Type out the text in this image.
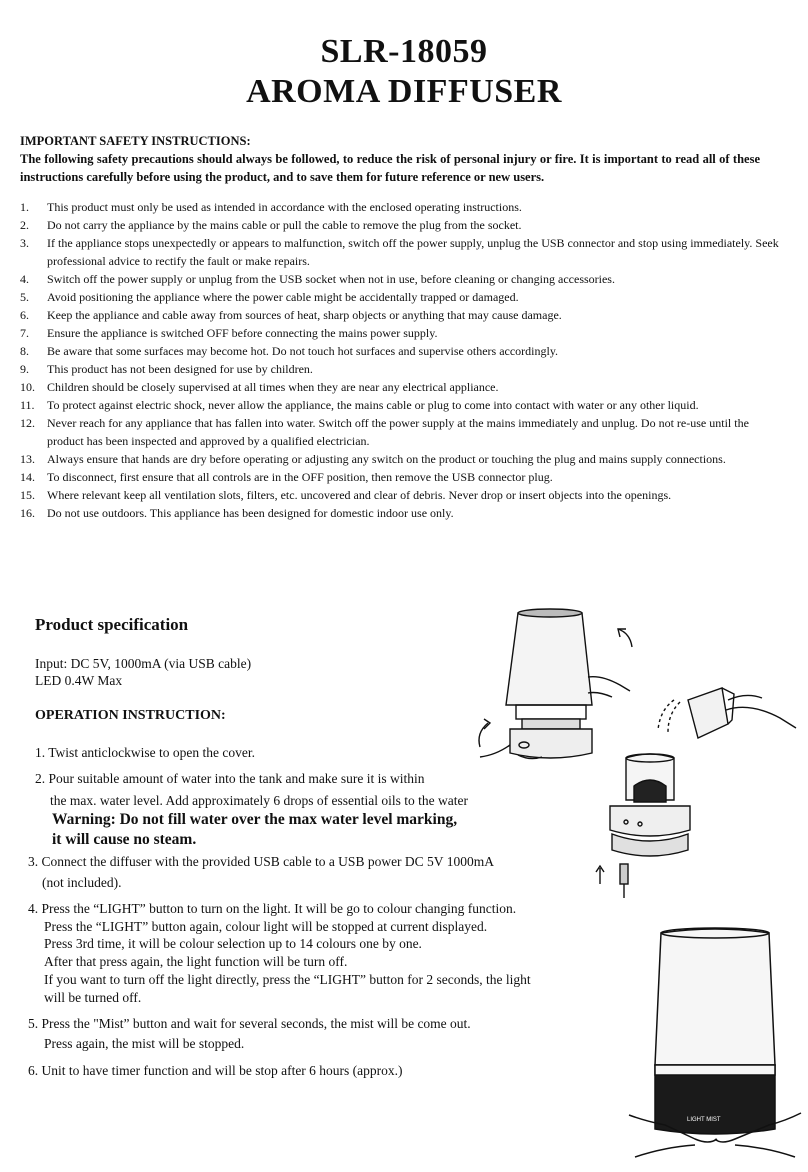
SLR-18059
AROMA DIFFUSER
IMPORTANT SAFETY INSTRUCTIONS:
The following safety precautions should always be followed, to reduce the risk of personal injury or fire. It is important to read all of these instructions carefully before using the product, and to save them for future reference or new users.
1.	This product must only be used as intended in accordance with the enclosed operating instructions.
2.	Do not carry the appliance by the mains cable or pull the cable to remove the plug from the socket.
3.	If the appliance stops unexpectedly or appears to malfunction, switch off the power supply, unplug the USB connector and stop using immediately. Seek professional advice to rectify the fault or make repairs.
4.	Switch off the power supply or unplug from the USB socket when not in use, before cleaning or changing accessories.
5.	Avoid positioning the appliance where the power cable might be accidentally trapped or damaged.
6.	Keep the appliance and cable away from sources of heat, sharp objects or anything that may cause damage.
7.	Ensure the appliance is switched OFF before connecting the mains power supply.
8.	Be aware that some surfaces may become hot. Do not touch hot surfaces and supervise others accordingly.
9.	This product has not been designed for use by children.
10.	Children should be closely supervised at all times when they are near any electrical appliance.
11.	To protect against electric shock, never allow the appliance, the mains cable or plug to come into contact with water or any other liquid.
12.	Never reach for any appliance that has fallen into water. Switch off the power supply at the mains immediately and unplug. Do not re-use until the product has been inspected and approved by a qualified electrician.
13.	Always ensure that hands are dry before operating or adjusting any switch on the product or touching the plug and mains supply connections.
14.	To disconnect, first ensure that all controls are in the OFF position, then remove the USB connector plug.
15.	Where relevant keep all ventilation slots, filters, etc. uncovered and clear of debris. Never drop or insert objects into the openings.
16.	Do not use outdoors. This appliance has been designed for domestic indoor use only.
Product specification
Input: DC 5V, 1000mA (via USB cable)
LED 0.4W Max
OPERATION INSTRUCTION:
1. Twist anticlockwise to open the cover.
2. Pour suitable amount of water into the tank and make sure it is within
the max. water level. Add approximately 6 drops of essential oils to the water
Warning: Do not fill water over the max water level marking,
it will cause no steam.
3. Connect the diffuser with the provided USB cable to a USB power DC 5V 1000mA
(not included).
4. Press the “LIGHT” button to turn on the light. It will be go to colour changing function.
Press the “LIGHT” button again, colour light will be stopped at current displayed.
Press 3rd time, it will be colour selection up to 14 colours one by one.
After that press again, the light function will be turn off.
If you want to turn off the light directly, press the “LIGHT” button for 2 seconds, the light
will be turned off.
5. Press the "Mist” button and wait for several seconds, the mist will be come out.
Press again, the mist will be stopped.
6. Unit to have timer function and will be stop after 6 hours (approx.)
LIGHT MIST
